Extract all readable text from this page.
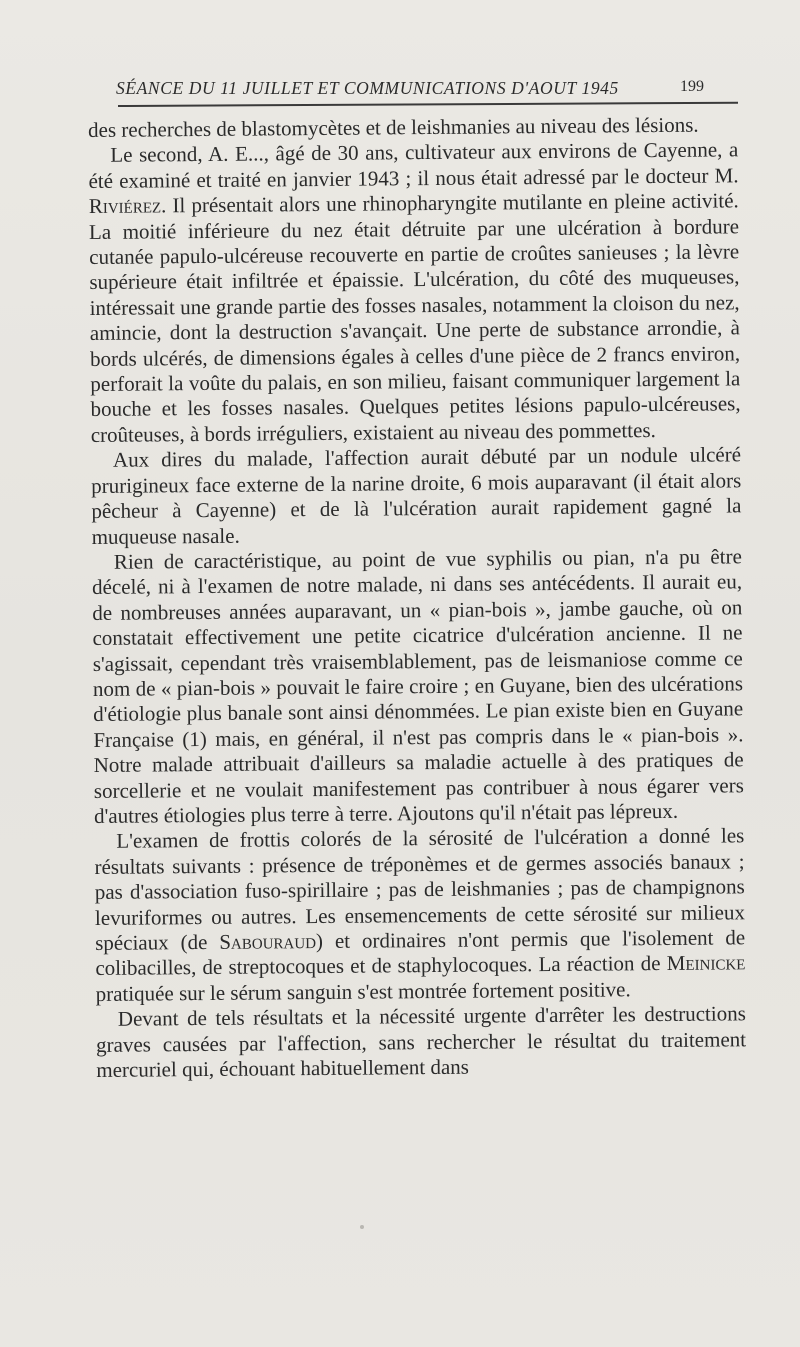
SÉANCE DU 11 JUILLET ET COMMUNICATIONS D'AOUT 1945	199

des recherches de blastomycètes et de leishmanies au niveau des lésions.

Le second, A. E..., âgé de 30 ans, cultivateur aux environs de Cayenne, a été examiné et traité en janvier 1943 ; il nous était adressé par le docteur M. Riviérez. Il présentait alors une rhinopharyngite mutilante en pleine activité. La moitié inférieure du nez était détruite par une ulcération à bordure cutanée papulo-ulcéreuse recouverte en partie de croûtes sanieuses ; la lèvre supérieure était infiltrée et épaissie. L'ulcération, du côté des muqueuses, intéressait une grande partie des fosses nasales, notamment la cloison du nez, amincie, dont la destruction s'avançait. Une perte de substance arrondie, à bords ulcérés, de dimensions égales à celles d'une pièce de 2 francs environ, perforait la voûte du palais, en son milieu, faisant communiquer largement la bouche et les fosses nasales. Quelques petites lésions papulo-ulcéreuses, croûteuses, à bords irréguliers, existaient au niveau des pommettes.

Aux dires du malade, l'affection aurait débuté par un nodule ulcéré prurigineux face externe de la narine droite, 6 mois auparavant (il était alors pêcheur à Cayenne) et de là l'ulcération aurait rapidement gagné la muqueuse nasale.

Rien de caractéristique, au point de vue syphilis ou pian, n'a pu être décelé, ni à l'examen de notre malade, ni dans ses antécédents. Il aurait eu, de nombreuses années auparavant, un « pian-bois », jambe gauche, où on constatait effectivement une petite cicatrice d'ulcération ancienne. Il ne s'agissait, cependant très vraisemblablement, pas de leismaniose comme ce nom de « pian-bois » pouvait le faire croire ; en Guyane, bien des ulcérations d'étiologie plus banale sont ainsi dénommées. Le pian existe bien en Guyane Française (1) mais, en général, il n'est pas compris dans le « pian-bois ». Notre malade attribuait d'ailleurs sa maladie actuelle à des pratiques de sorcellerie et ne voulait manifestement pas contribuer à nous égarer vers d'autres étiologies plus terre à terre. Ajoutons qu'il n'était pas lépreux.

L'examen de frottis colorés de la sérosité de l'ulcération a donné les résultats suivants : présence de tréponèmes et de germes associés banaux ; pas d'association fuso-spirillaire ; pas de leishmanies ; pas de champignons levuriformes ou autres. Les ensemencements de cette sérosité sur milieux spéciaux (de Sabouraud) et ordinaires n'ont permis que l'isolement de colibacilles, de streptocoques et de staphylocoques. La réaction de Meinicke pratiquée sur le sérum sanguin s'est montrée fortement positive.

Devant de tels résultats et la nécessité urgente d'arrêter les destructions graves causées par l'affection, sans rechercher le résultat du traitement mercuriel qui, échouant habituellement dans
